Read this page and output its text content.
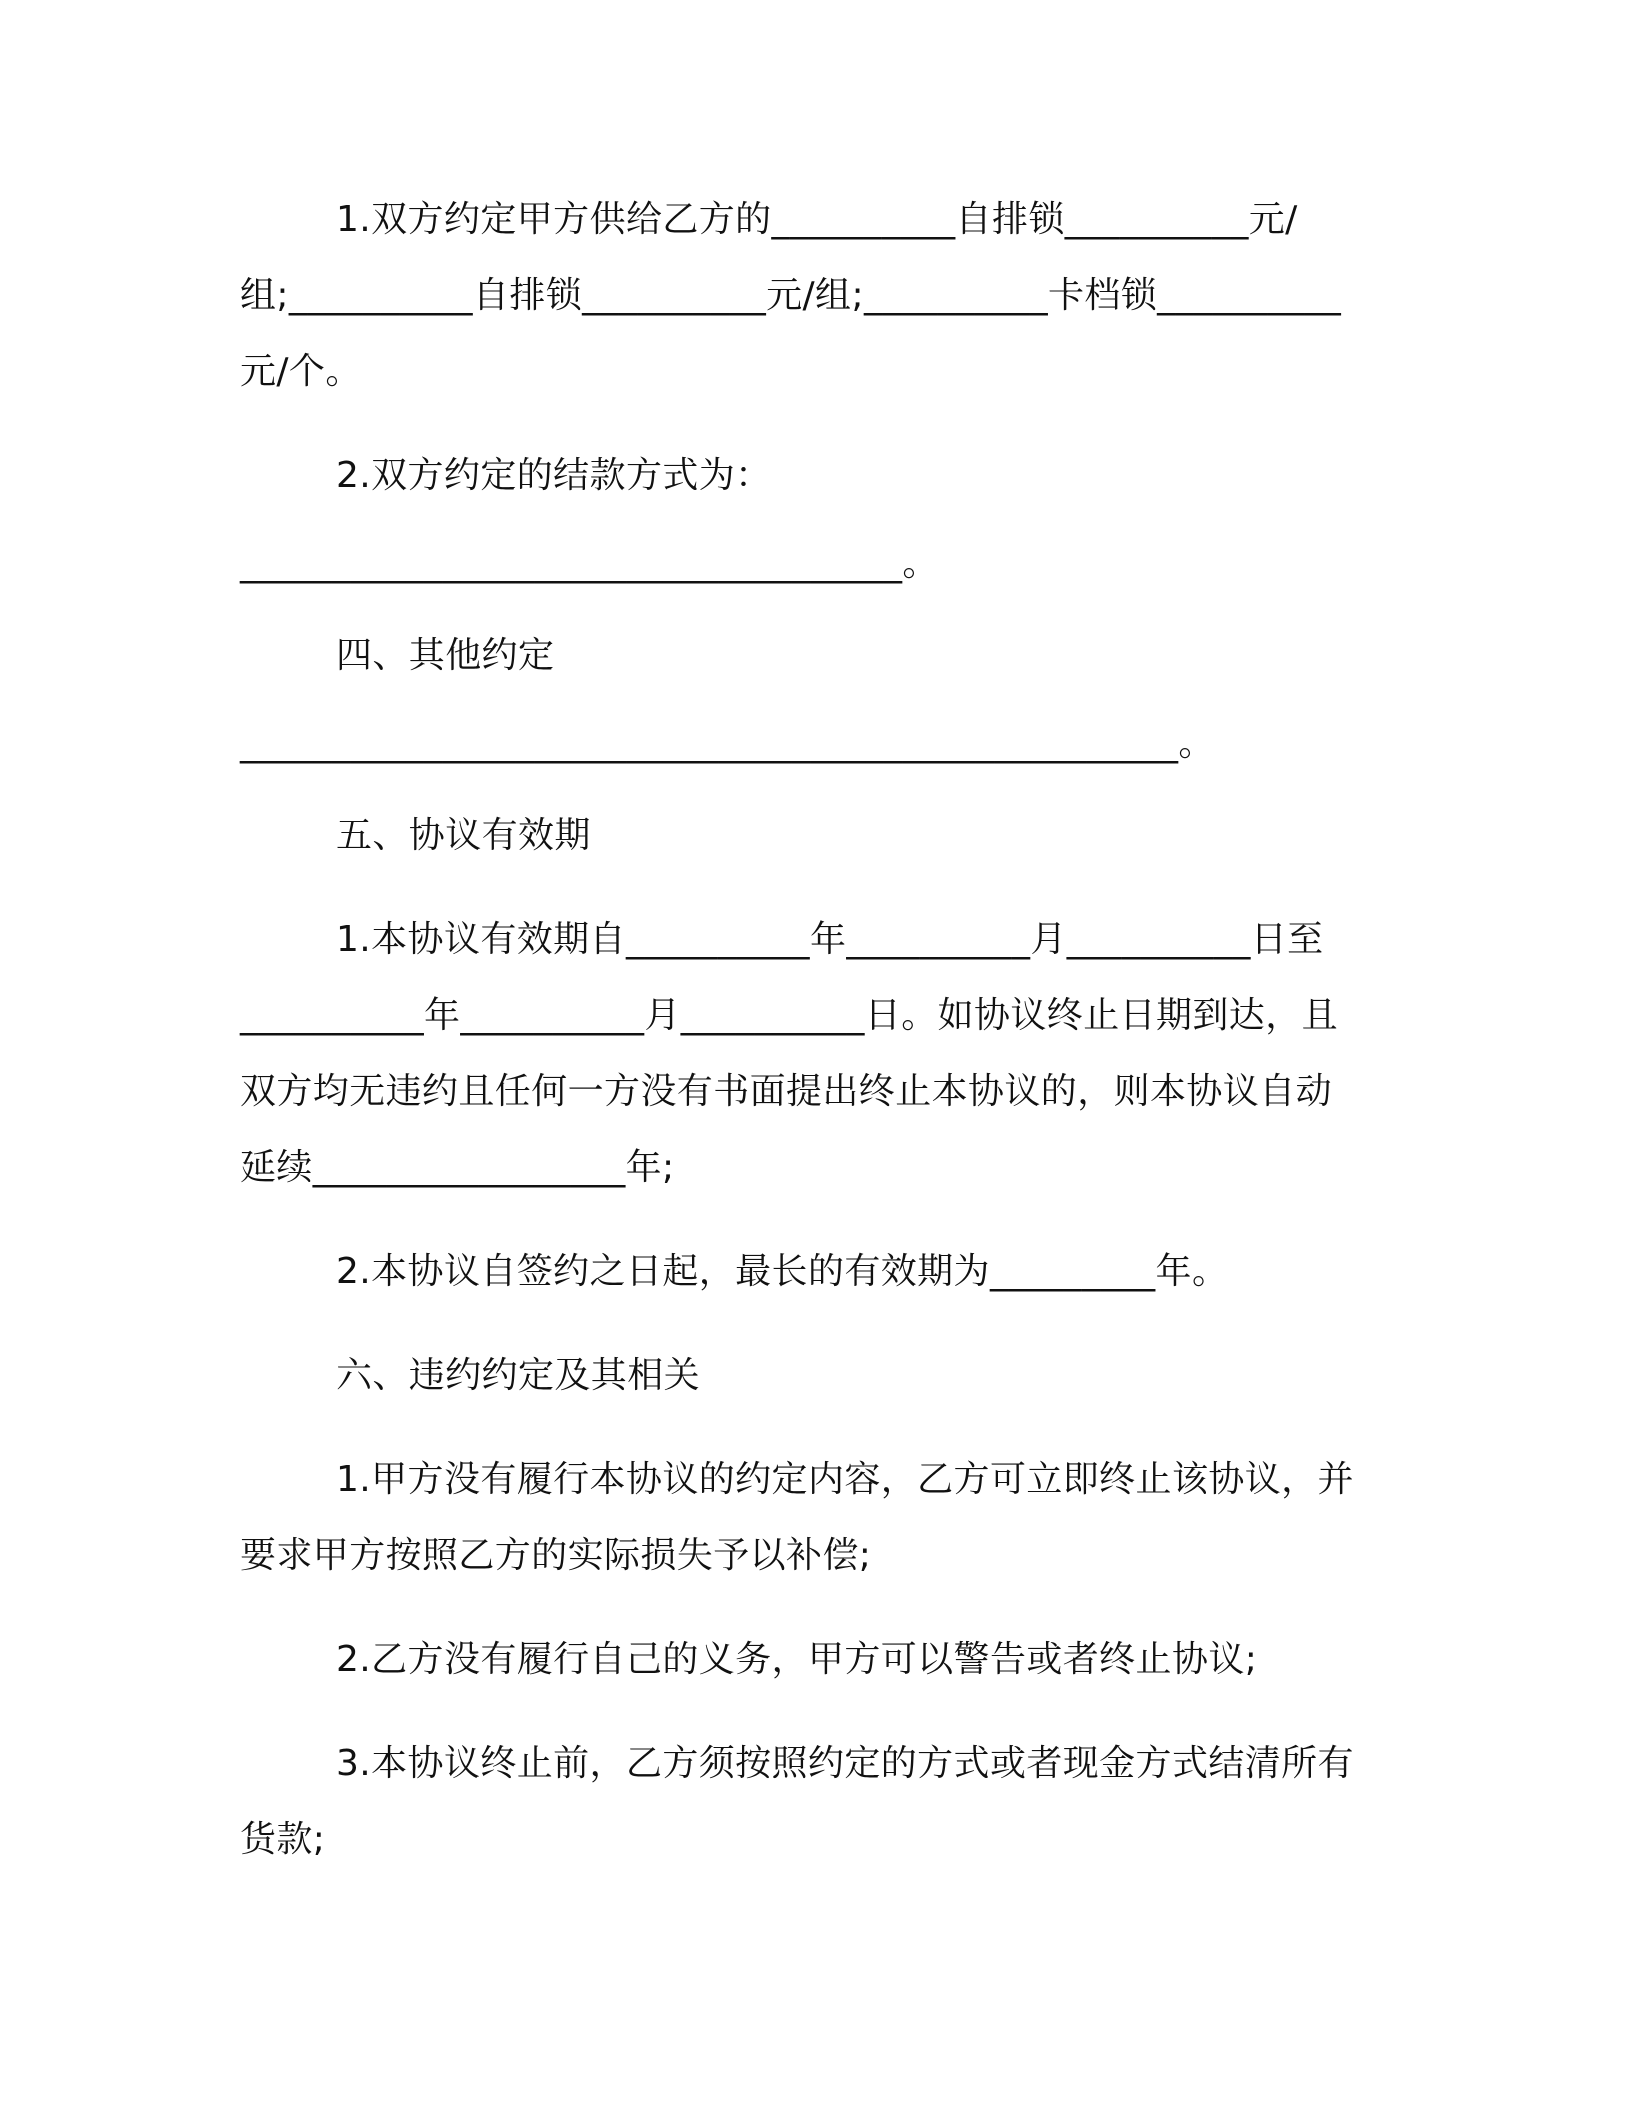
1.双方约定甲方供给乙方的__________自排锁__________元/
组;__________自排锁__________元/组;__________卡档锁__________
元/个。
2.双方约定的结款方式为：
____________________________________。
四、其他约定
___________________________________________________。
五、协议有效期
1.本协议有效期自__________年__________月__________日至
__________年__________月__________日。如协议终止日期到达，且
双方均无违约且任何一方没有书面提出终止本协议的，则本协议自动
延续_________________年;
2.本协议自签约之日起，最长的有效期为_________年。
六、违约约定及其相关
1.甲方没有履行本协议的约定内容，乙方可立即终止该协议，并
要求甲方按照乙方的实际损失予以补偿;
2.乙方没有履行自己的义务，甲方可以警告或者终止协议;
3.本协议终止前，乙方须按照约定的方式或者现金方式结清所有
货款;
